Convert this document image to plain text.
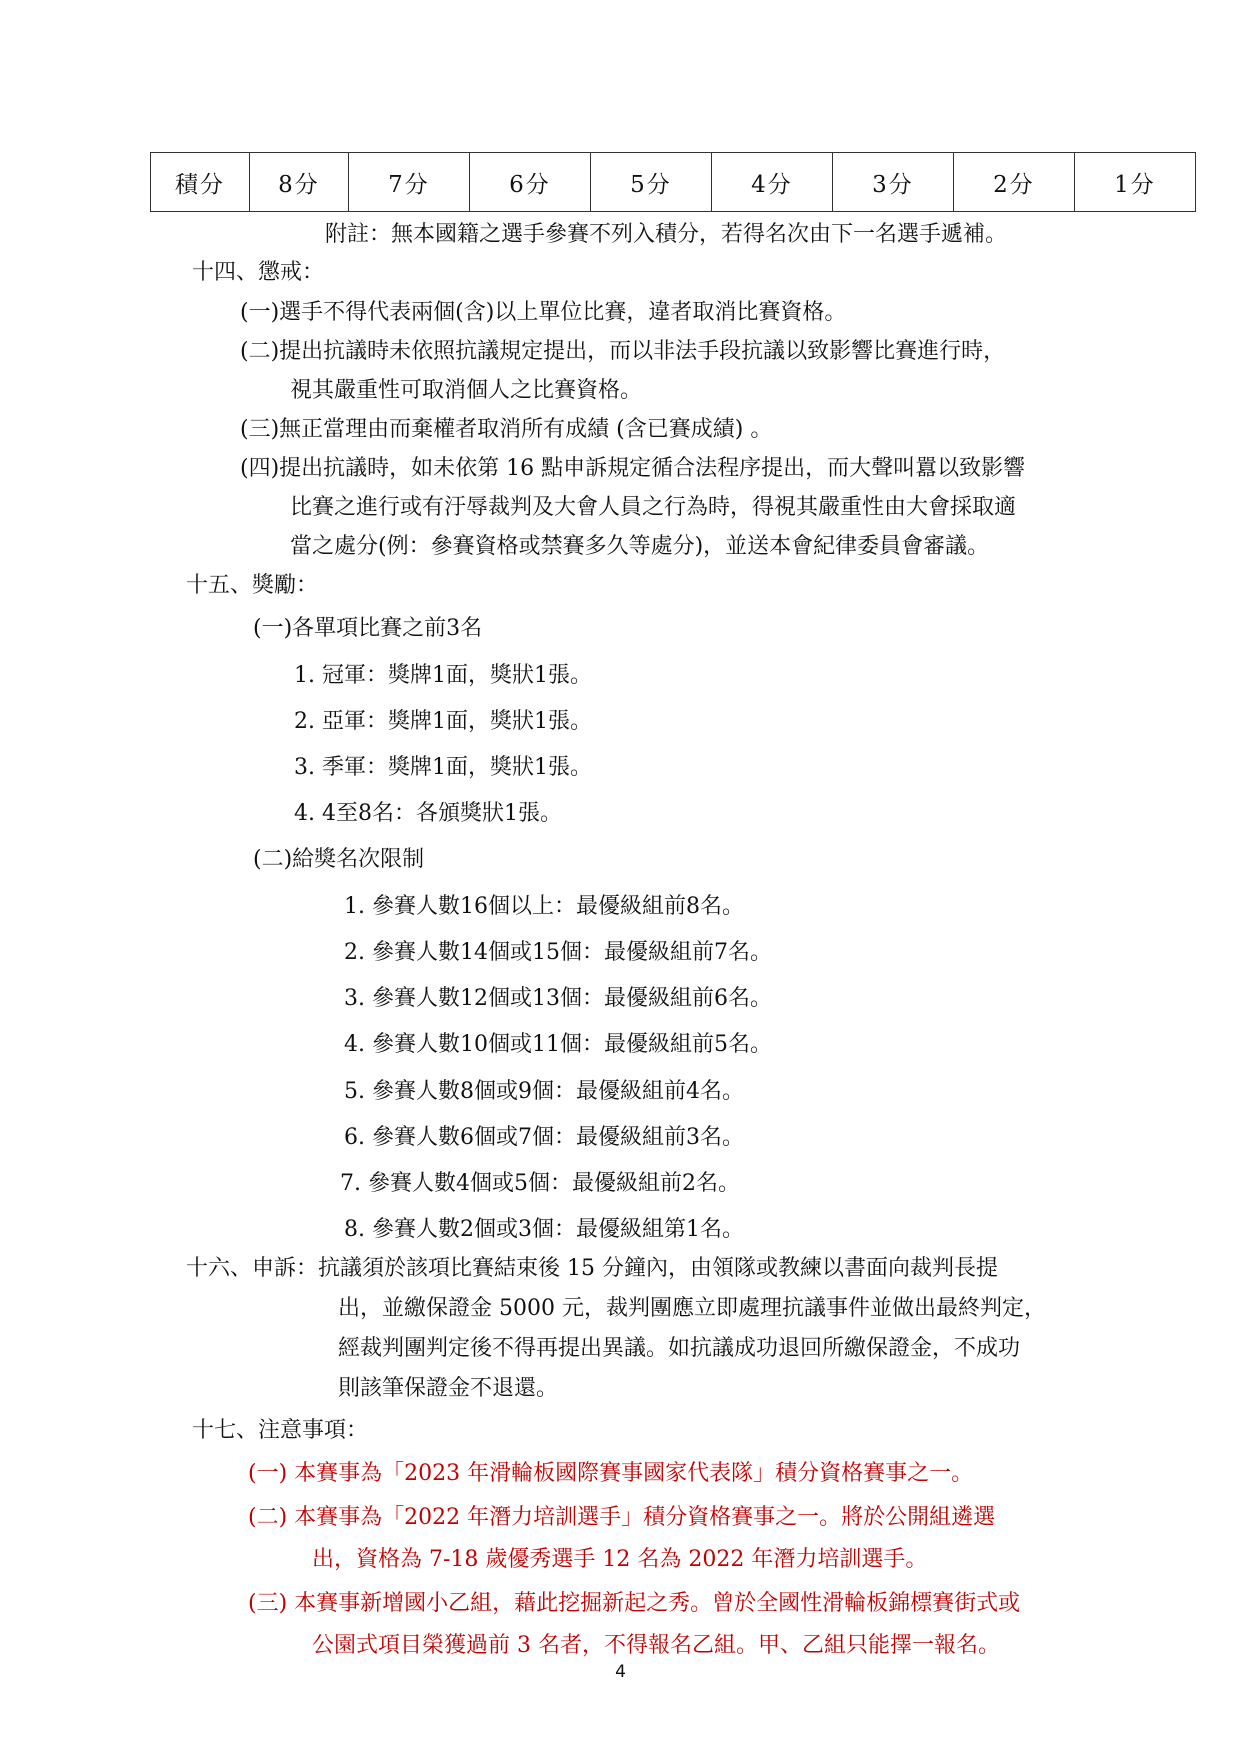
積分	8分	7分	6分	5分	4分	3分	2分	1分
附註：無本國籍之選手參賽不列入積分，若得名次由下一名選手遞補。
十四、懲戒：
(一)選手不得代表兩個(含)以上單位比賽，違者取消比賽資格。
(二)提出抗議時未依照抗議規定提出，而以非法手段抗議以致影響比賽進行時，
視其嚴重性可取消個人之比賽資格。
(三)無正當理由而棄權者取消所有成績 (含已賽成績) 。
(四)提出抗議時，如未依第 16 點申訴規定循合法程序提出，而大聲叫囂以致影響
比賽之進行或有汙辱裁判及大會人員之行為時，得視其嚴重性由大會採取適
當之處分(例：參賽資格或禁賽多久等處分)，並送本會紀律委員會審議。
十五、獎勵：
(一)各單項比賽之前3名
1. 冠軍：獎牌1面，獎狀1張。
2. 亞軍：獎牌1面，獎狀1張。
3. 季軍：獎牌1面，獎狀1張。
4. 4至8名：各頒獎狀1張。
(二)給獎名次限制
1. 參賽人數16個以上：最優級組前8名。
2. 參賽人數14個或15個：最優級組前7名。
3. 參賽人數12個或13個：最優級組前6名。
4. 參賽人數10個或11個：最優級組前5名。
5. 參賽人數8個或9個：最優級組前4名。
6. 參賽人數6個或7個：最優級組前3名。
7. 參賽人數4個或5個：最優級組前2名。
8. 參賽人數2個或3個：最優級組第1名。
十六、申訴：抗議須於該項比賽結束後 15 分鐘內，由領隊或教練以書面向裁判長提
出，並繳保證金 5000 元，裁判團應立即處理抗議事件並做出最終判定，
經裁判團判定後不得再提出異議。如抗議成功退回所繳保證金，不成功
則該筆保證金不退還。
十七、注意事項：
(一) 本賽事為「2023 年滑輪板國際賽事國家代表隊」積分資格賽事之一。
(二) 本賽事為「2022 年潛力培訓選手」積分資格賽事之一。將於公開組遴選
出，資格為 7-18 歲優秀選手 12 名為 2022 年潛力培訓選手。
(三) 本賽事新增國小乙組，藉此挖掘新起之秀。曾於全國性滑輪板錦標賽街式或
公園式項目榮獲過前 3 名者，不得報名乙組。甲、乙組只能擇一報名。
4
